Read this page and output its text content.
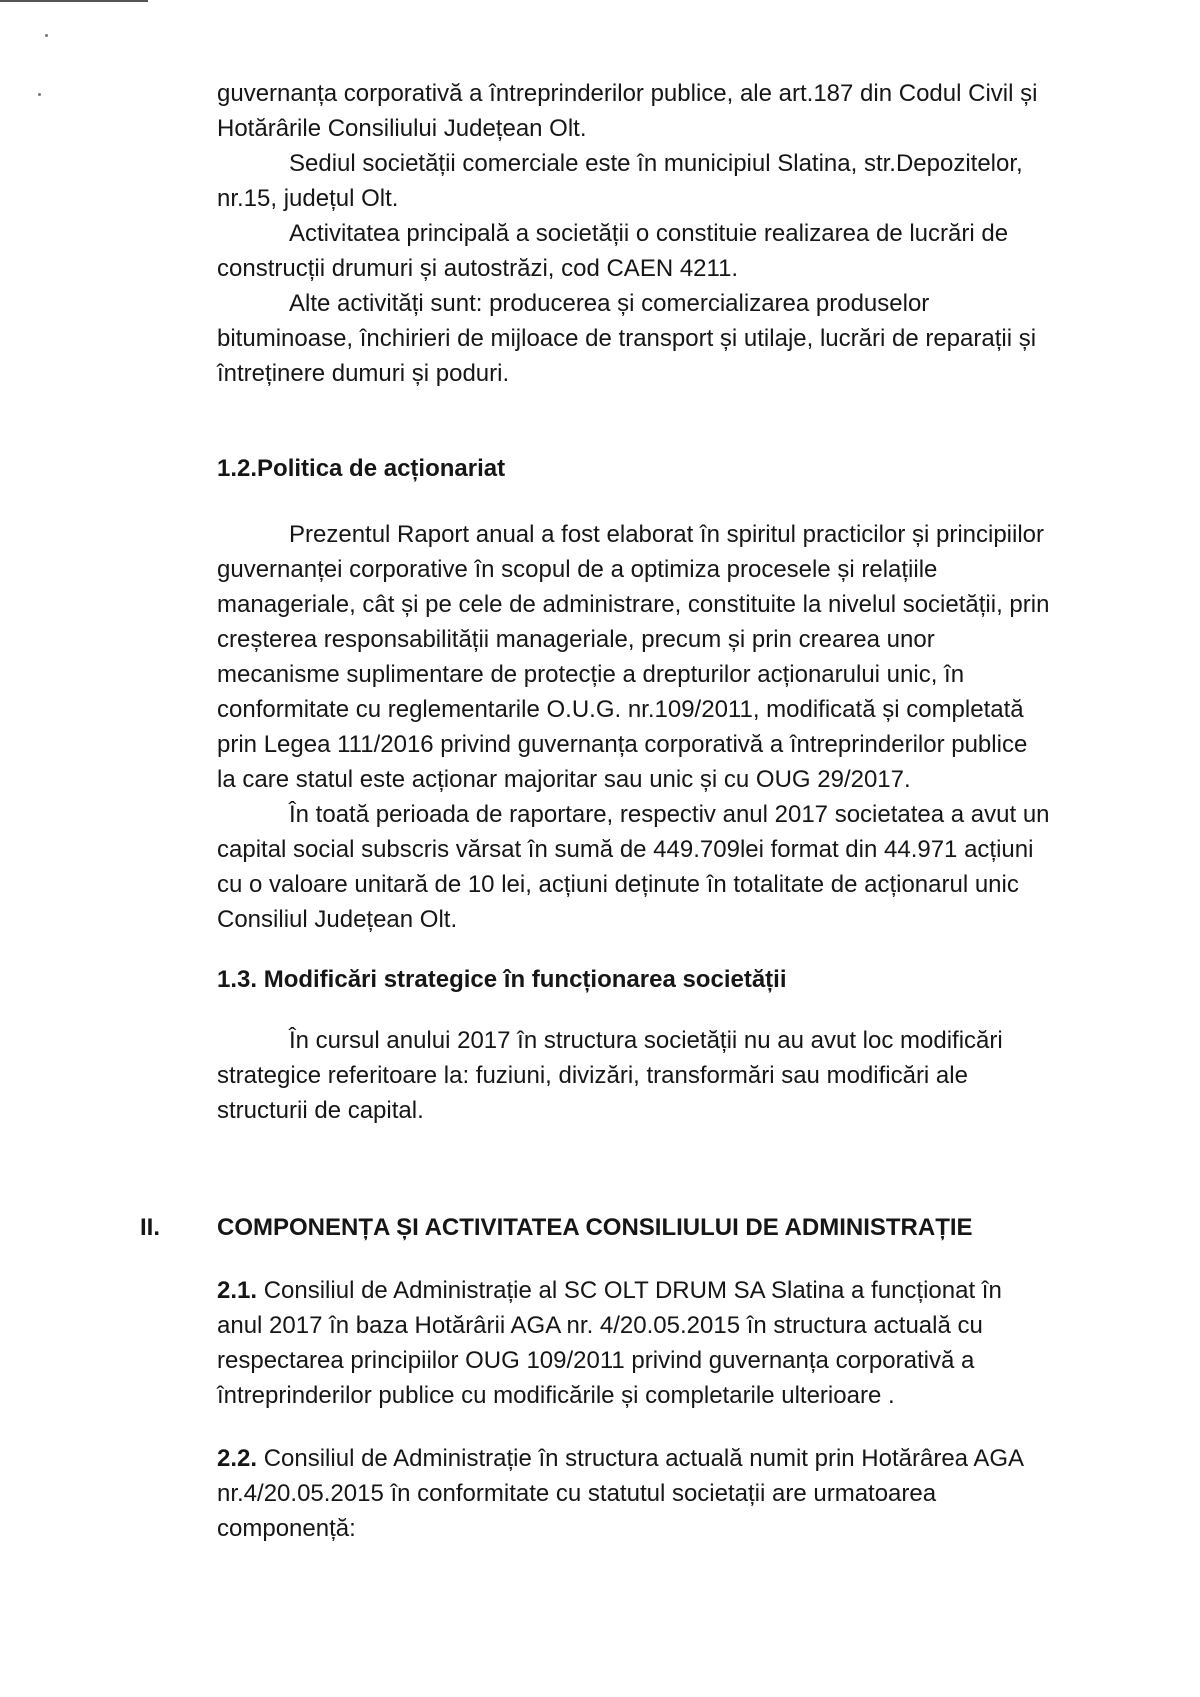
guvernanța corporativă a întreprinderilor publice, ale art.187 din Codul Civil și
Hotărârile Consiliului Județean Olt.

Sediul societății comerciale este în municipiul Slatina, str.Depozitelor,
nr.15, județul Olt.

Activitatea principală a societății o constituie realizarea de lucrări de
construcții drumuri și autostrăzi, cod CAEN 4211.

Alte activități sunt: producerea și comercializarea produselor
bituminoase, închirieri de mijloace de transport și utilaje, lucrări de reparații și
întreținere dumuri și poduri.

1.2.Politica de acționariat

Prezentul Raport anual a fost elaborat în spiritul practicilor și principiilor
guvernanței corporative în scopul de a optimiza procesele și relațiile
manageriale, cât și pe cele de administrare, constituite la nivelul societății, prin
creșterea responsabilității manageriale, precum și prin crearea unor
mecanisme suplimentare de protecție a drepturilor acționarului unic, în
conformitate cu reglementarile O.U.G. nr.109/2011, modificată și completată
prin Legea 111/2016 privind guvernanța corporativă a întreprinderilor publice
la care statul este acționar majoritar sau unic și cu OUG 29/2017.

În toată perioada de raportare, respectiv anul 2017 societatea a avut un
capital social subscris vărsat în sumă de 449.709lei format din 44.971 acțiuni
cu o valoare unitară de 10 lei, acțiuni deținute în totalitate de acționarul unic
Consiliul Județean Olt.

1.3. Modificări strategice în funcționarea societății

În cursul anului 2017 în structura societății nu au avut loc modificări
strategice referitoare la: fuziuni, divizări, transformări sau modificări ale
structurii de capital.

II. COMPONENȚA ȘI ACTIVITATEA CONSILIULUI DE ADMINISTRAȚIE

2.1. Consiliul de Administrație al SC OLT DRUM SA Slatina a funcționat în
anul 2017 în baza Hotărârii AGA nr. 4/20.05.2015 în structura actuală cu
respectarea principiilor OUG 109/2011 privind guvernanța corporativă a
întreprinderilor publice cu modificările și completarile ulterioare .

2.2. Consiliul de Administrație în structura actuală numit prin Hotărârea AGA
nr.4/20.05.2015 în conformitate cu statutul societații are urmatoarea
componență:
